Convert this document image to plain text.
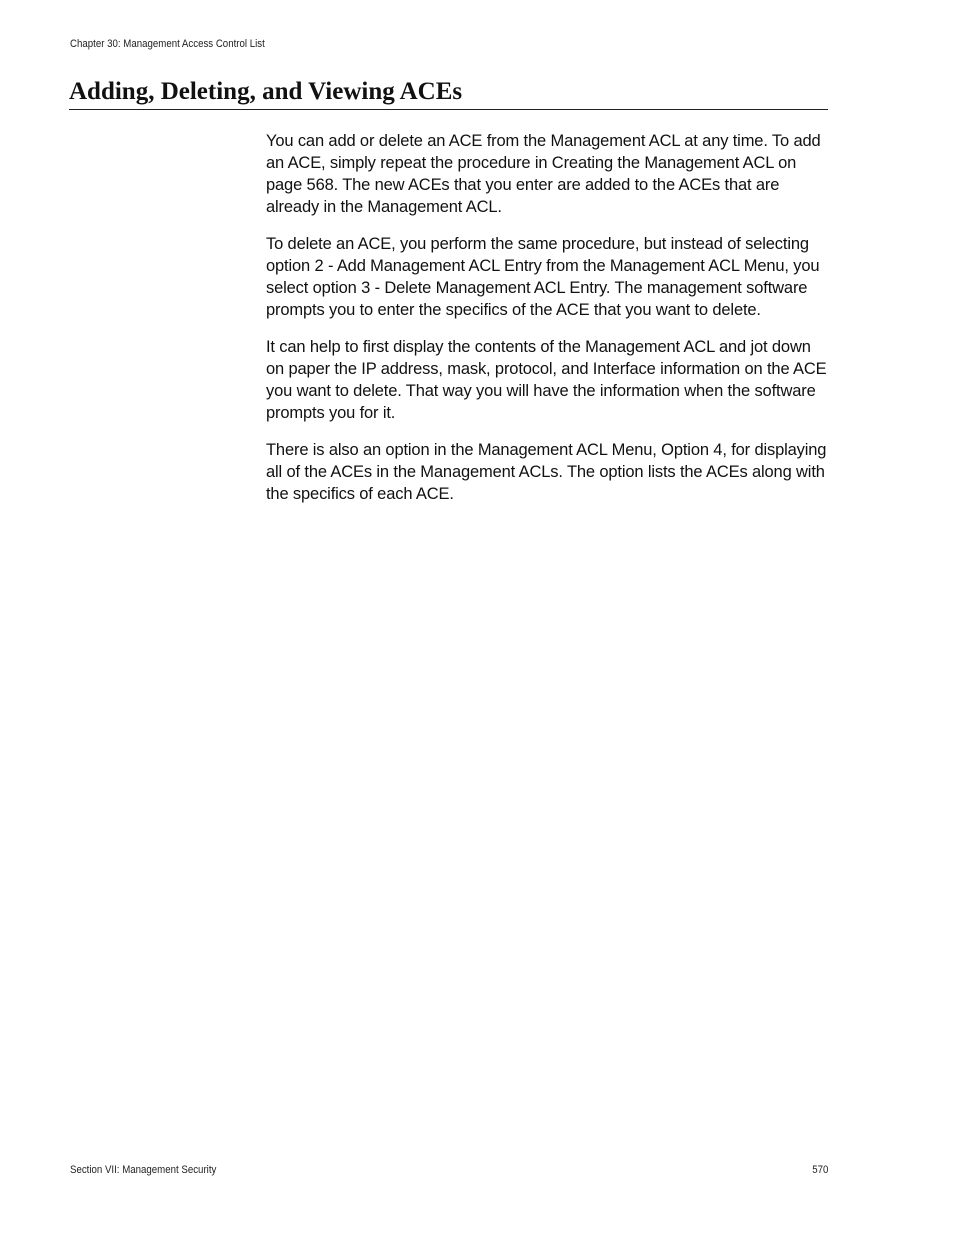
Chapter 30: Management Access Control List
Adding, Deleting, and Viewing ACEs

You can add or delete an ACE from the Management ACL at any time. To add an ACE, simply repeat the procedure in Creating the Management ACL on page 568. The new ACEs that you enter are added to the ACEs that are already in the Management ACL.

To delete an ACE, you perform the same procedure, but instead of selecting option 2 - Add Management ACL Entry from the Management ACL Menu, you select option 3 - Delete Management ACL Entry. The management software prompts you to enter the specifics of the ACE that you want to delete.

It can help to first display the contents of the Management ACL and jot down on paper the IP address, mask, protocol, and Interface information on the ACE you want to delete. That way you will have the information when the software prompts you for it.

There is also an option in the Management ACL Menu, Option 4, for displaying all of the ACEs in the Management ACLs. The option lists the ACEs along with the specifics of each ACE.

Section VII: Management Security	570
